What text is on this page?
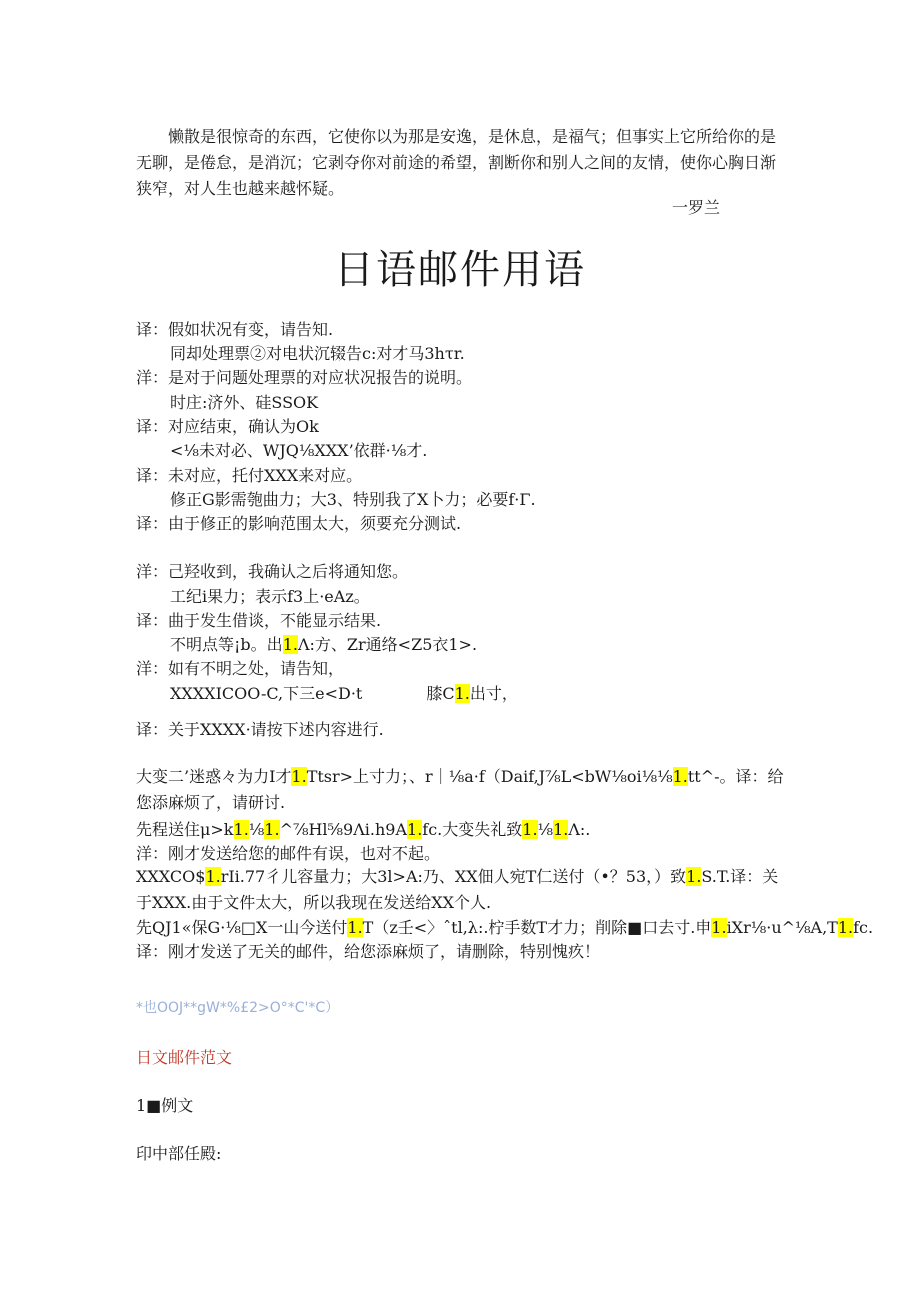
懒散是很惊奇的东西，它使你以为那是安逸，是休息，是福气；但事实上它所给你的是无聊，是倦怠，是消沉；它剥夺你对前途的希望，割断你和别人之间的友情，使你心胸日渐狭窄，对人生也越来越怀疑。
一罗兰
日语邮件用语
译：假如状况有变，请告知.
同却处理票②对电状沉辍告c:对才马3hτr.
洋：是对于问题处理票的对应状况报告的说明。
时庄:济外、硅SSOK
译：对应结束，确认为Ok
<⅛未对必、WJQ⅛XXX’依群·⅛才.
译：未对应，托付XXX来对应。
修正G影需匏曲力；大3、特别我了X卜力；必要f·Γ.
译：由于修正的影响范围太大，须要充分测试.
洋：己羟收到，我确认之后将通知您。
工纪i果力；表示f3上·eAz。
译：曲于发生借谈，不能显示结果.
不明点等¡b。出1.Λ:方、Zr通络<Z5衣1>.
洋：如有不明之处，请告知，
XXXXICOO-C,下三e<D·t	膝C1.出寸，
译：关于XXXX·请按下述内容进行.
大变二’迷惑々为力I才1.Ttsr>上寸力；、r｜⅛a·f（Daif,J⅞L<bW⅛oi⅛⅛1.tt^-。译：给您添麻烦了，请研讨.
先程送住μ>k1.⅛1.^⅞Hl⅝9Λi.h9A1.fc.大变失礼致1.⅛1.Λ:.
洋：刚才发送给您的邮件有误，也对不起。
XXXCO$1.rIi.77彳儿容量力；大3l>A:乃、XX佃人宛T仁送付（•？53，）致1.S.T.译：关于XXX.由于文件太大，所以我现在发送给XX个人.
先QJ1«保G·⅛□X一山今送付1.T（z壬<〉ˆtl,λ:.柠手数T才力；削除■口去寸.申1.iXr⅛·u^⅛A,T1.fc.
译：刚才发送了无关的邮件，给您添麻烦了，请删除，特别愧疚！
*也OOJ**gW*%£2>O°*C'*C）
日文邮件范文
1■例文
印中部任殿:
